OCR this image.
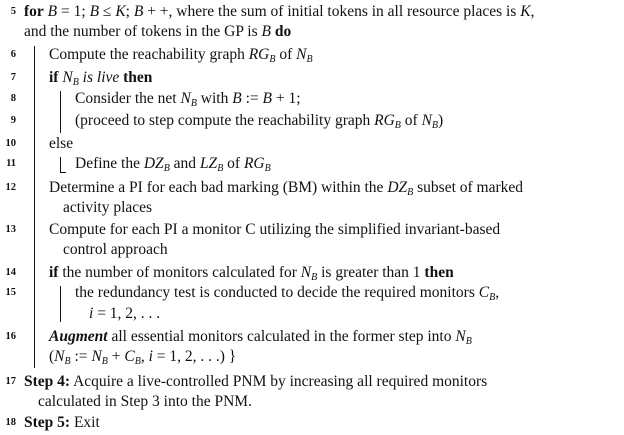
5 for B = 1; B ≤ K; B + +, where the sum of initial tokens in all resource places is K,
and the number of tokens in the GP is B do
6 Compute the reachability graph $RG_B$ of $N_B$
7 if $N_B$ is live then
8	Consider the net $N_B$ with B := B + 1;
9	(proceed to step compute the reachability graph $RG_B$ of $N_B$)
10 else
11	Define the $DZ_B$ and $LZ_B$ of $RG_B$
12 Determine a PI for each bad marking (BM) within the $DZ_B$ subset of marked
activity places
13 Compute for each PI a monitor C utilizing the simplified invariant-based
control approach
14 if the number of monitors calculated for $N_B$ is greater than 1 then
15	the redundancy test is conducted to decide the required monitors $C_B$,
i = 1, 2, . . .
16 Augment all essential monitors calculated in the former step into $N_B$
($N_B$ := $N_B + C_B$, i = 1, 2, . . .) }
17 Step 4: Acquire a live-controlled PNM by increasing all required monitors
calculated in Step 3 into the PNM.
18 Step 5: Exit
